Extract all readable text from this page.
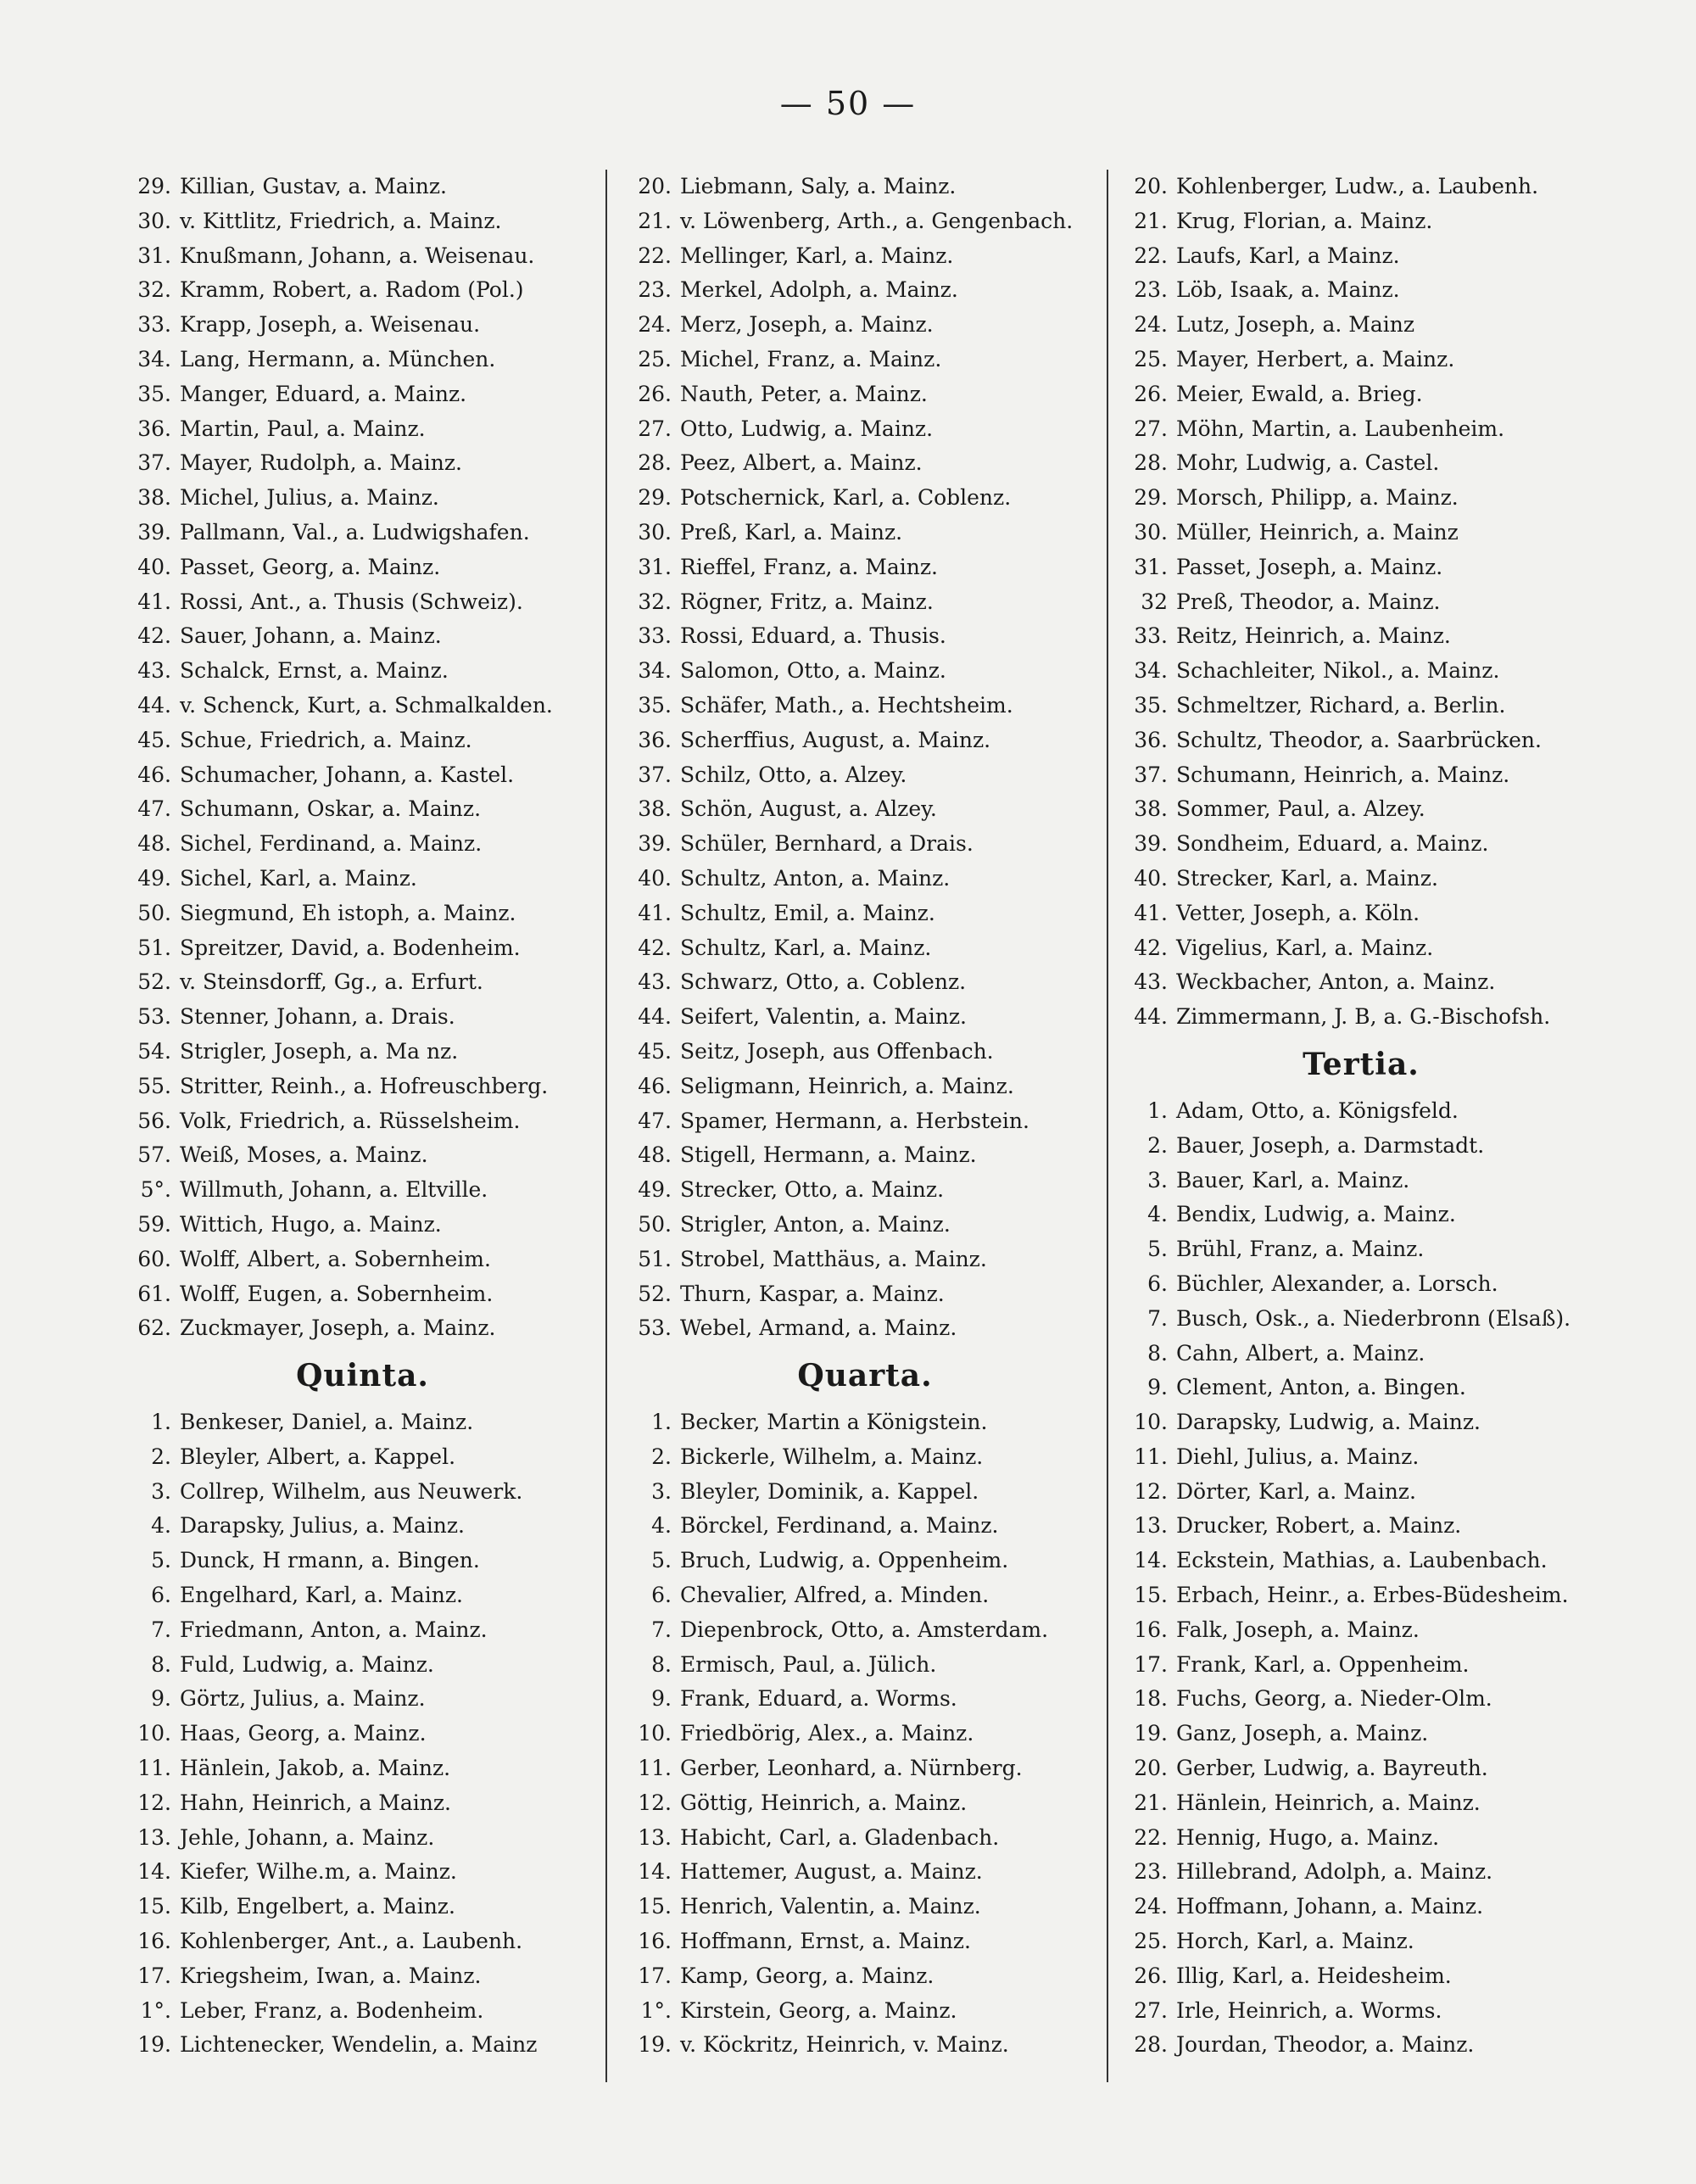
— 50 —
29. Killian, Gustav, a. Mainz.
30. v. Kittlitz, Friedrich, a. Mainz.
31. Knußmann, Johann, a. Weisenau.
32. Kramm, Robert, a. Radom (Pol.)
33. Krapp, Joseph, a. Weisenau.
34. Lang, Hermann, a. München.
35. Manger, Eduard, a. Mainz.
36. Martin, Paul, a. Mainz.
37. Mayer, Rudolph, a. Mainz.
38. Michel, Julius, a. Mainz.
39. Pallmann, Val., a. Ludwigshafen.
40. Passet, Georg, a. Mainz.
41. Rossi, Ant., a. Thusis (Schweiz).
42. Sauer, Johann, a. Mainz.
43. Schalck, Ernst, a. Mainz.
44. v. Schenck, Kurt, a. Schmalkalden.
45. Schue, Friedrich, a. Mainz.
46. Schumacher, Johann, a. Kastel.
47. Schumann, Oskar, a. Mainz.
48. Sichel, Ferdinand, a. Mainz.
49. Sichel, Karl, a. Mainz.
50. Siegmund, Eh istoph, a. Mainz.
51. Spreitzer, David, a. Bodenheim.
52. v. Steinsdorff, Gg., a. Erfurt.
53. Stenner, Johann, a. Drais.
54. Strigler, Joseph, a. Ma nz.
55. Stritter, Reinh., a. Hofreuschberg.
56. Volk, Friedrich, a. Rüsselsheim.
57. Weiß, Moses, a. Mainz.
5°. Willmuth, Johann, a. Eltville.
59. Wittich, Hugo, a. Mainz.
60. Wolff, Albert, a. Sobernheim.
61. Wolff, Eugen, a. Sobernheim.
62. Zuckmayer, Joseph, a. Mainz.
Quinta.
1. Benkeser, Daniel, a. Mainz.
2. Bleyler, Albert, a. Kappel.
3. Collrep, Wilhelm, aus Neuwerk.
4. Darapsky, Julius, a. Mainz.
5. Dunck, H rmann, a. Bingen.
6. Engelhard, Karl, a. Mainz.
7. Friedmann, Anton, a. Mainz.
8. Fuld, Ludwig, a. Mainz.
9. Görtz, Julius, a. Mainz.
10. Haas, Georg, a. Mainz.
11. Hänlein, Jakob, a. Mainz.
12. Hahn, Heinrich, a Mainz.
13. Jehle, Johann, a. Mainz.
14. Kiefer, Wilhe.m, a. Mainz.
15. Kilb, Engelbert, a. Mainz.
16. Kohlenberger, Ant., a. Laubenh.
17. Kriegsheim, Iwan, a. Mainz.
1°. Leber, Franz, a. Bodenheim.
19. Lichtenecker, Wendelin, a. Mainz
20. Liebmann, Saly, a. Mainz.
21. v. Löwenberg, Arth., a. Gengenbach.
22. Mellinger, Karl, a. Mainz.
23. Merkel, Adolph, a. Mainz.
24. Merz, Joseph, a. Mainz.
25. Michel, Franz, a. Mainz.
26. Nauth, Peter, a. Mainz.
27. Otto, Ludwig, a. Mainz.
28. Peez, Albert, a. Mainz.
29. Potschernick, Karl, a. Coblenz.
30. Preß, Karl, a. Mainz.
31. Rieffel, Franz, a. Mainz.
32. Rögner, Fritz, a. Mainz.
33. Rossi, Eduard, a. Thusis.
34. Salomon, Otto, a. Mainz.
35. Schäfer, Math., a. Hechtsheim.
36. Scherffius, August, a. Mainz.
37. Schilz, Otto, a. Alzey.
38. Schön, August, a. Alzey.
39. Schüler, Bernhard, a Drais.
40. Schultz, Anton, a. Mainz.
41. Schultz, Emil, a. Mainz.
42. Schultz, Karl, a. Mainz.
43. Schwarz, Otto, a. Coblenz.
44. Seifert, Valentin, a. Mainz.
45. Seitz, Joseph, aus Offenbach.
46. Seligmann, Heinrich, a. Mainz.
47. Spamer, Hermann, a. Herbstein.
48. Stigell, Hermann, a. Mainz.
49. Strecker, Otto, a. Mainz.
50. Strigler, Anton, a. Mainz.
51. Strobel, Matthäus, a. Mainz.
52. Thurn, Kaspar, a. Mainz.
53. Webel, Armand, a. Mainz.
Quarta.
1. Becker, Martin a Königstein.
2. Bickerle, Wilhelm, a. Mainz.
3. Bleyler, Dominik, a. Kappel.
4. Börckel, Ferdinand, a. Mainz.
5. Bruch, Ludwig, a. Oppenheim.
6. Chevalier, Alfred, a. Minden.
7. Diepenbrock, Otto, a. Amsterdam.
8. Ermisch, Paul, a. Jülich.
9. Frank, Eduard, a. Worms.
10. Friedbörig, Alex., a. Mainz.
11. Gerber, Leonhard, a. Nürnberg.
12. Göttig, Heinrich, a. Mainz.
13. Habicht, Carl, a. Gladenbach.
14. Hattemer, August, a. Mainz.
15. Henrich, Valentin, a. Mainz.
16. Hoffmann, Ernst, a. Mainz.
17. Kamp, Georg, a. Mainz.
1°. Kirstein, Georg, a. Mainz.
19. v. Köckritz, Heinrich, v. Mainz.
20. Kohlenberger, Ludw., a. Laubenh.
21. Krug, Florian, a. Mainz.
22. Laufs, Karl, a Mainz.
23. Löb, Isaak, a. Mainz.
24. Lutz, Joseph, a. Mainz
25. Mayer, Herbert, a. Mainz.
26. Meier, Ewald, a. Brieg.
27. Möhn, Martin, a. Laubenheim.
28. Mohr, Ludwig, a. Castel.
29. Morsch, Philipp, a. Mainz.
30. Müller, Heinrich, a. Mainz
31. Passet, Joseph, a. Mainz.
32 Preß, Theodor, a. Mainz.
33. Reitz, Heinrich, a. Mainz.
34. Schachleiter, Nikol., a. Mainz.
35. Schmeltzer, Richard, a. Berlin.
36. Schultz, Theodor, a. Saarbrücken.
37. Schumann, Heinrich, a. Mainz.
38. Sommer, Paul, a. Alzey.
39. Sondheim, Eduard, a. Mainz.
40. Strecker, Karl, a. Mainz.
41. Vetter, Joseph, a. Köln.
42. Vigelius, Karl, a. Mainz.
43. Weckbacher, Anton, a. Mainz.
44. Zimmermann, J. B, a. G.-Bischofsh.
Tertia.
1. Adam, Otto, a. Königsfeld.
2. Bauer, Joseph, a. Darmstadt.
3. Bauer, Karl, a. Mainz.
4. Bendix, Ludwig, a. Mainz.
5. Brühl, Franz, a. Mainz.
6. Büchler, Alexander, a. Lorsch.
7. Busch, Osk., a. Niederbronn (Elsaß).
8. Cahn, Albert, a. Mainz.
9. Clement, Anton, a. Bingen.
10. Darapsky, Ludwig, a. Mainz.
11. Diehl, Julius, a. Mainz.
12. Dörter, Karl, a. Mainz.
13. Drucker, Robert, a. Mainz.
14. Eckstein, Mathias, a. Laubenbach.
15. Erbach, Heinr., a. Erbes-Büdesheim.
16. Falk, Joseph, a. Mainz.
17. Frank, Karl, a. Oppenheim.
18. Fuchs, Georg, a. Nieder-Olm.
19. Ganz, Joseph, a. Mainz.
20. Gerber, Ludwig, a. Bayreuth.
21. Hänlein, Heinrich, a. Mainz.
22. Hennig, Hugo, a. Mainz.
23. Hillebrand, Adolph, a. Mainz.
24. Hoffmann, Johann, a. Mainz.
25. Horch, Karl, a. Mainz.
26. Illig, Karl, a. Heidesheim.
27. Irle, Heinrich, a. Worms.
28. Jourdan, Theodor, a. Mainz.
